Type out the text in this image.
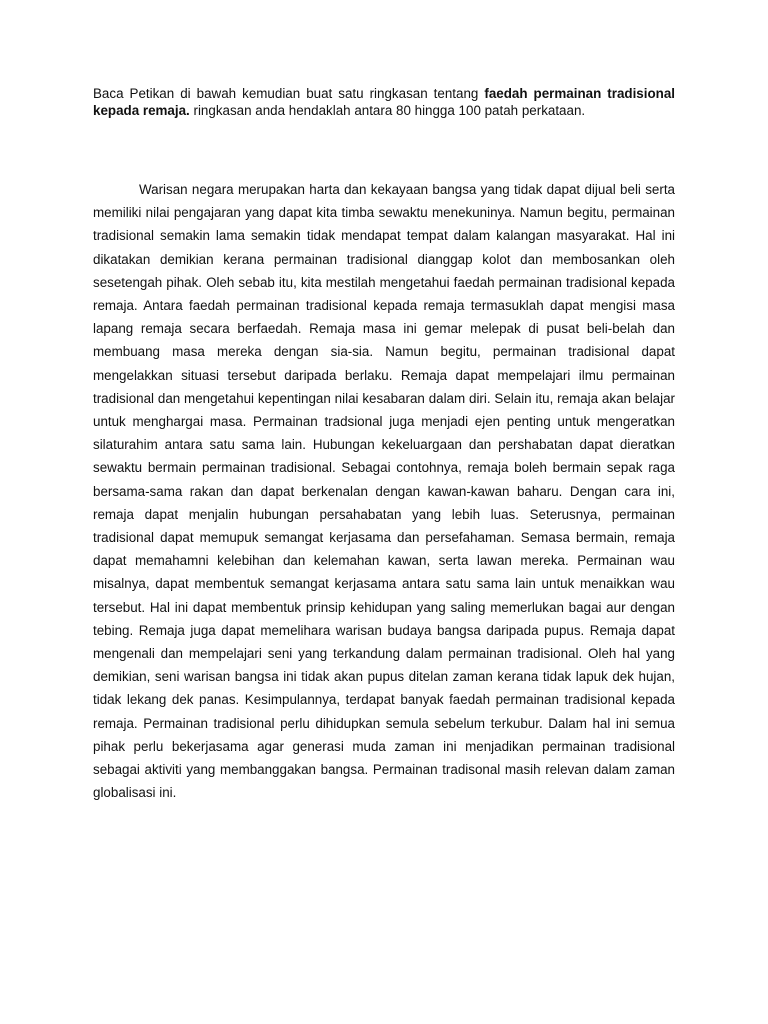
Baca Petikan di bawah kemudian buat satu ringkasan tentang faedah permainan tradisional kepada remaja. ringkasan anda hendaklah antara 80 hingga 100 patah perkataan.

Warisan negara merupakan harta dan kekayaan bangsa yang tidak dapat dijual beli serta memiliki nilai pengajaran yang dapat kita timba sewaktu menekuninya. Namun begitu, permainan tradisional semakin lama semakin tidak mendapat tempat dalam kalangan masyarakat. Hal ini dikatakan demikian kerana permainan tradisional dianggap kolot dan membosankan oleh sesetengah pihak. Oleh sebab itu, kita mestilah mengetahui faedah permainan tradisional kepada remaja. Antara faedah permainan tradisional kepada remaja termasuklah dapat mengisi masa lapang remaja secara berfaedah. Remaja masa ini gemar melepak di pusat beli-belah dan membuang masa mereka dengan sia-sia. Namun begitu, permainan tradisional dapat mengelakkan situasi tersebut daripada berlaku. Remaja dapat mempelajari ilmu permainan tradisional dan mengetahui kepentingan nilai kesabaran dalam diri. Selain itu, remaja akan belajar untuk menghargai masa. Permainan tradsional juga menjadi ejen penting untuk mengeratkan silaturahim antara satu sama lain. Hubungan kekeluargaan dan pershabatan dapat dieratkan sewaktu bermain permainan tradisional. Sebagai contohnya, remaja boleh bermain sepak raga bersama-sama rakan dan dapat berkenalan dengan kawan-kawan baharu. Dengan cara ini, remaja dapat menjalin hubungan persahabatan yang lebih luas. Seterusnya, permainan tradisional dapat memupuk semangat kerjasama dan persefahaman. Semasa bermain, remaja dapat memahamni kelebihan dan kelemahan kawan, serta lawan mereka. Permainan wau misalnya, dapat membentuk semangat kerjasama antara satu sama lain untuk menaikkan wau tersebut. Hal ini dapat membentuk prinsip kehidupan yang saling memerlukan bagai aur dengan tebing. Remaja juga dapat memelihara warisan budaya bangsa daripada pupus. Remaja dapat mengenali dan mempelajari seni yang terkandung dalam permainan tradisional. Oleh hal yang demikian, seni warisan bangsa ini tidak akan pupus ditelan zaman kerana tidak lapuk dek hujan, tidak lekang dek panas. Kesimpulannya, terdapat banyak faedah permainan tradisional kepada remaja. Permainan tradisional perlu dihidupkan semula sebelum terkubur. Dalam hal ini semua pihak perlu bekerjasama agar generasi muda zaman ini menjadikan permainan tradisional sebagai aktiviti yang membanggakan bangsa. Permainan tradisonal masih relevan dalam zaman globalisasi ini.
